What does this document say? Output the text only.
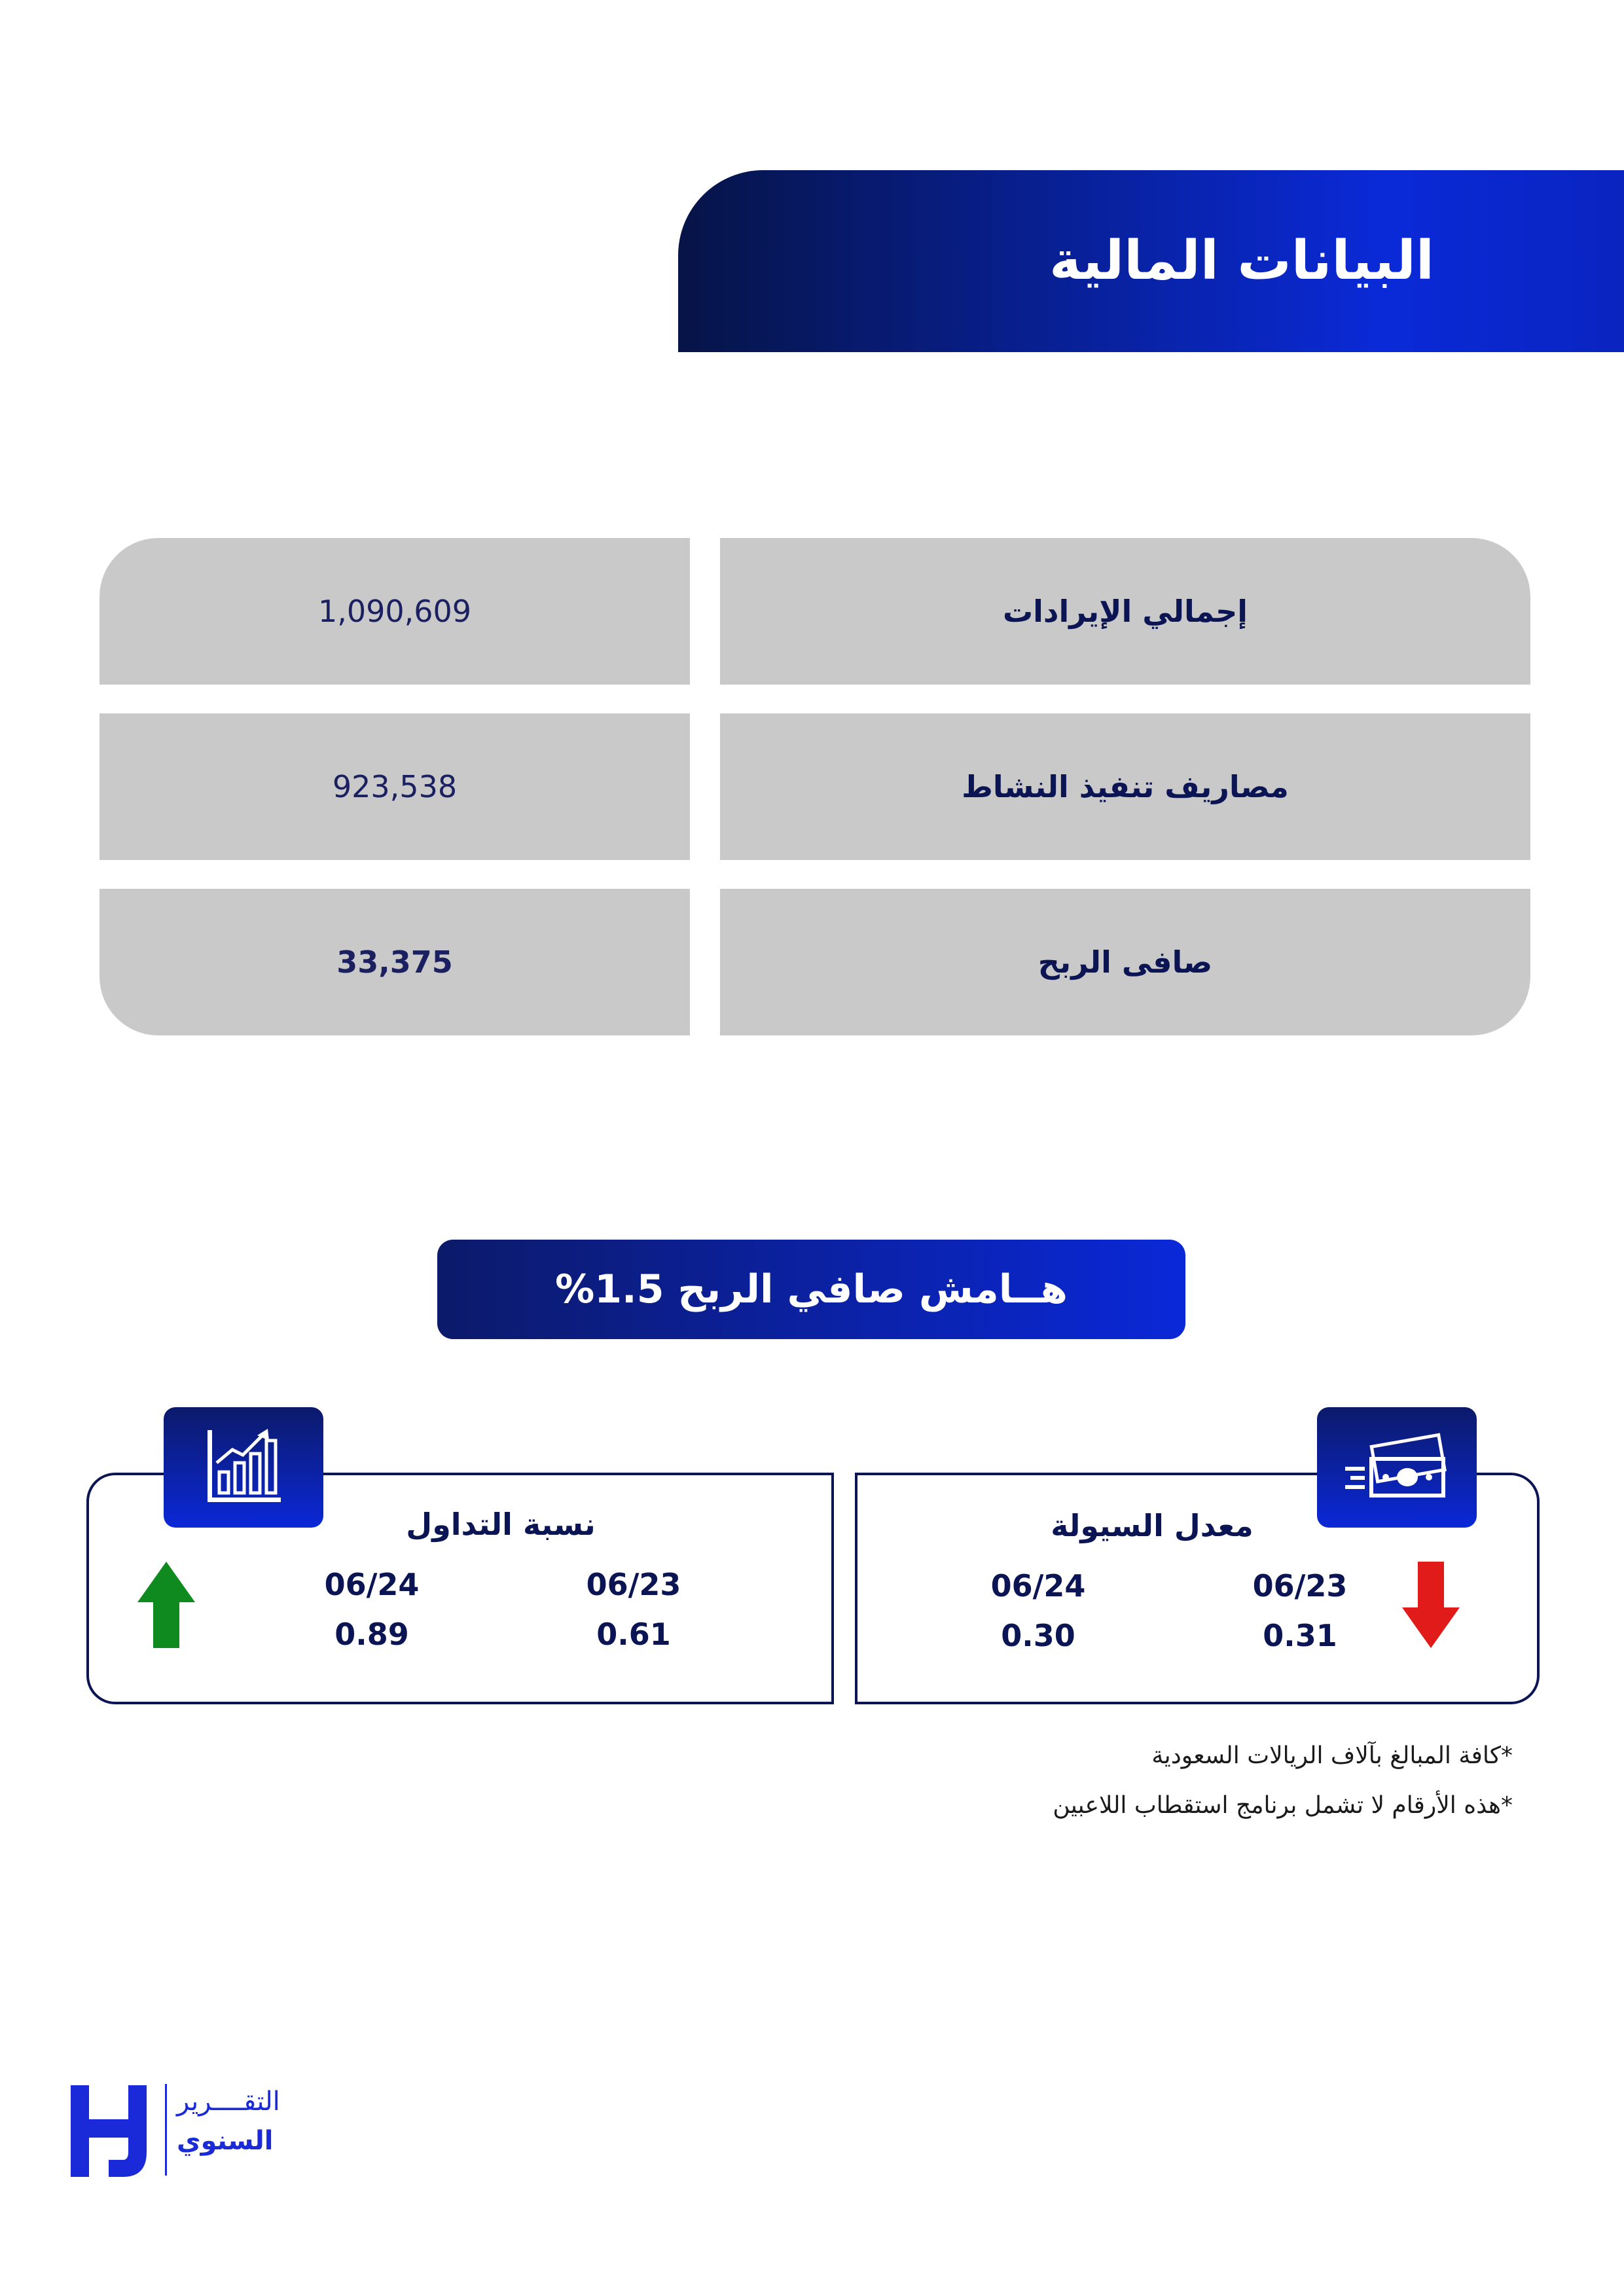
البيانات المالية
إجمالي الإيرادات
1,090,609
مصاريف تنفيذ النشاط
923,538
صافى الربح
33,375
هــامش صافي الربح 1.5%
نسبة التداول
06/23
06/24
0.61
0.89
معدل السيولة
06/23
06/24
0.31
0.30
*كافة المبالغ بآلاف الريالات السعودية
*هذه الأرقام لا تشمل برنامج استقطاب اللاعبين
التقــــرير
السنوي
